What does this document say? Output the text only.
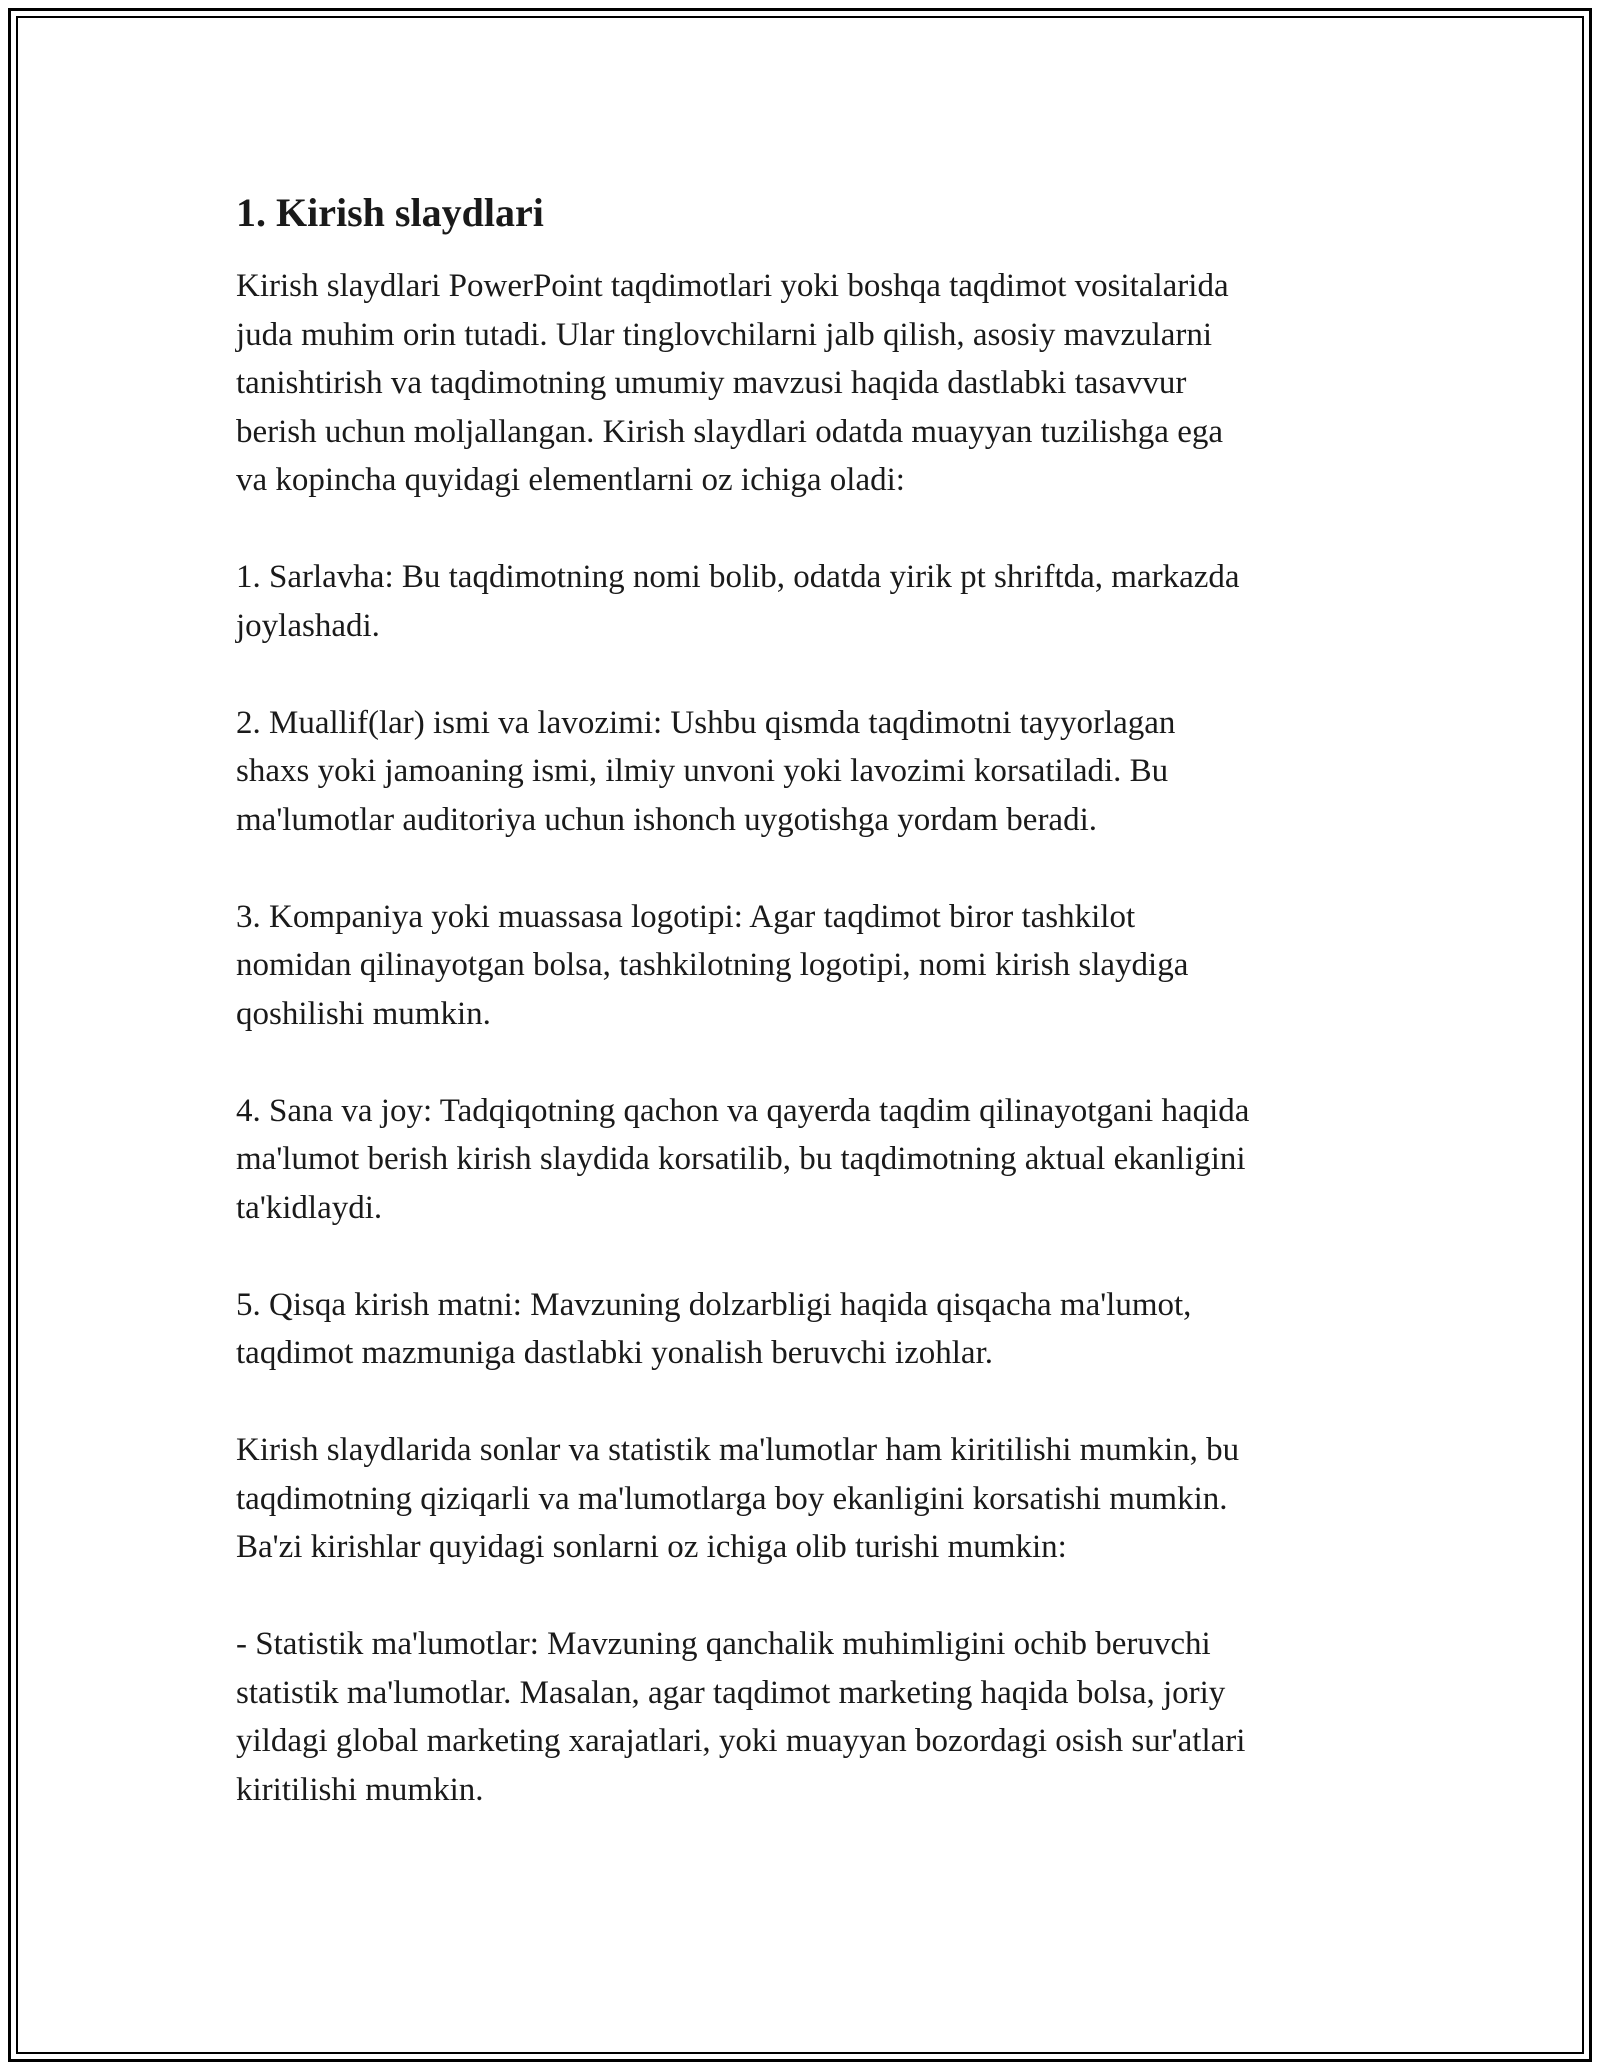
1. Kirish slaydlari

Kirish slaydlari PowerPoint taqdimotlari yoki boshqa taqdimot vositalarida
juda muhim orin tutadi. Ular tinglovchilarni jalb qilish, asosiy mavzularni
tanishtirish va taqdimotning umumiy mavzusi haqida dastlabki tasavvur
berish uchun moljallangan. Kirish slaydlari odatda muayyan tuzilishga ega
va kopincha quyidagi elementlarni oz ichiga oladi:

1. Sarlavha: Bu taqdimotning nomi bolib, odatda yirik pt shriftda, markazda
joylashadi.

2. Muallif(lar) ismi va lavozimi: Ushbu qismda taqdimotni tayyorlagan
shaxs yoki jamoaning ismi, ilmiy unvoni yoki lavozimi korsatiladi. Bu
ma'lumotlar auditoriya uchun ishonch uygotishga yordam beradi.

3. Kompaniya yoki muassasa logotipi: Agar taqdimot biror tashkilot
nomidan qilinayotgan bolsa, tashkilotning logotipi, nomi kirish slaydiga
qoshilishi mumkin.

4. Sana va joy: Tadqiqotning qachon va qayerda taqdim qilinayotgani haqida
ma'lumot berish kirish slaydida korsatilib, bu taqdimotning aktual ekanligini
ta'kidlaydi.

5. Qisqa kirish matni: Mavzuning dolzarbligi haqida qisqacha ma'lumot,
taqdimot mazmuniga dastlabki yonalish beruvchi izohlar.

Kirish slaydlarida sonlar va statistik ma'lumotlar ham kiritilishi mumkin, bu
taqdimotning qiziqarli va ma'lumotlarga boy ekanligini korsatishi mumkin.
Ba'zi kirishlar quyidagi sonlarni oz ichiga olib turishi mumkin:

- Statistik ma'lumotlar: Mavzuning qanchalik muhimligini ochib beruvchi
statistik ma'lumotlar. Masalan, agar taqdimot marketing haqida bolsa, joriy
yildagi global marketing xarajatlari, yoki muayyan bozordagi osish sur'atlari
kiritilishi mumkin.
